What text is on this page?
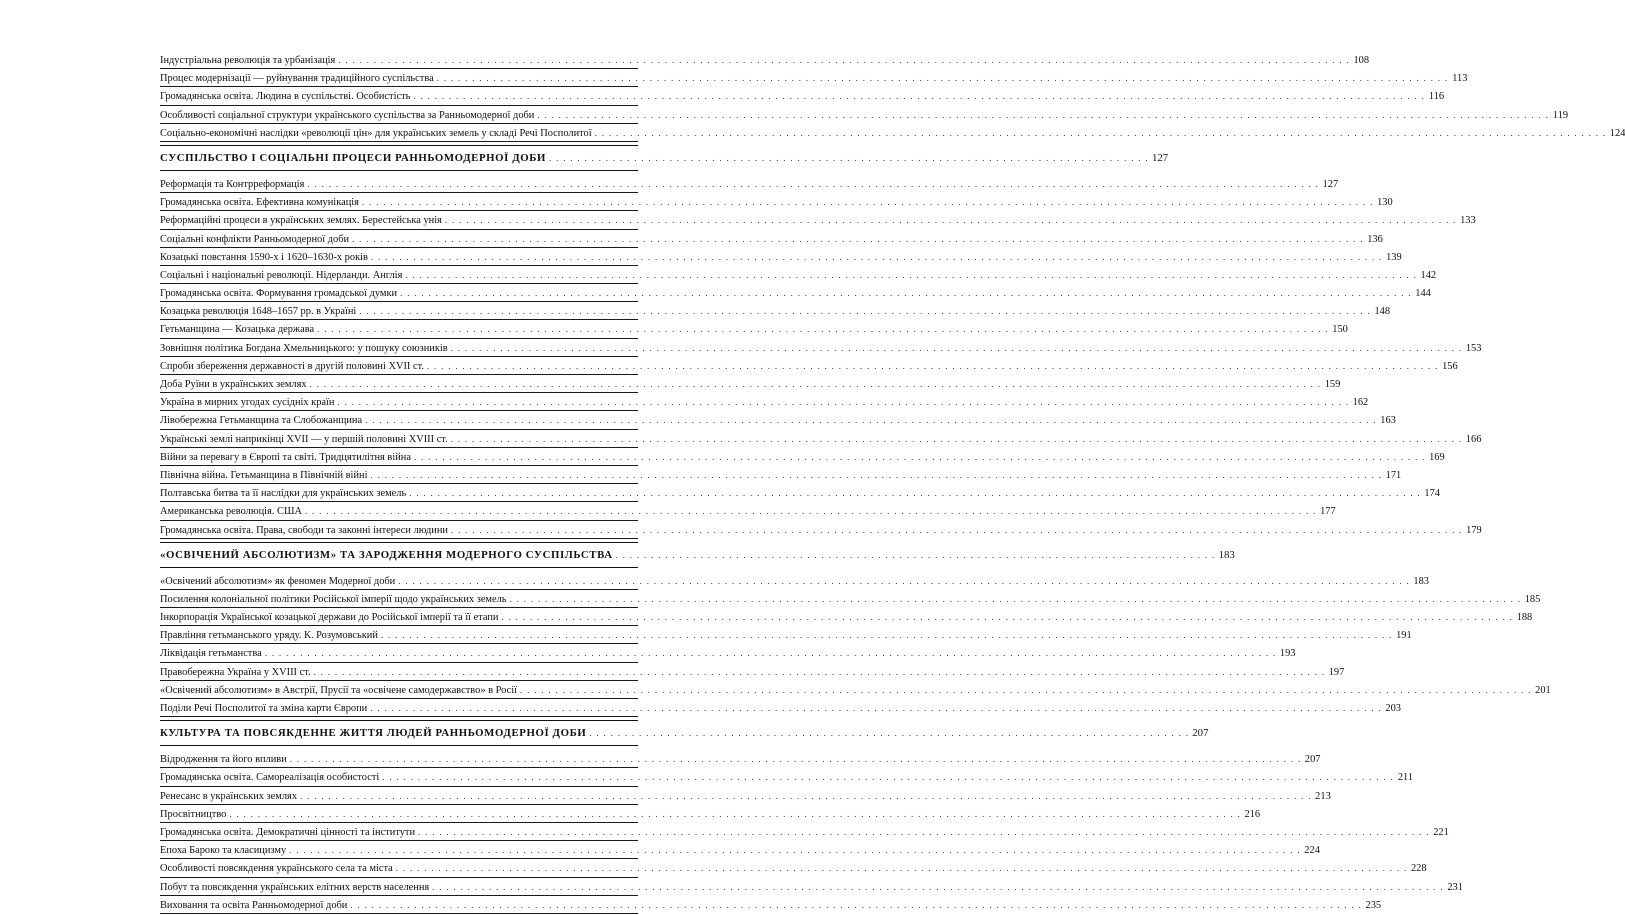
Індустріальна революція та урбанізація . . .	108
Процес модернізації — руйнування традиційного суспільства . . .	113
Громадянська освіта. Людина в суспільстві. Особистість . . .	116
Особливості соціальної структури українського суспільства за Ранньомодерної доби . . .	119
Соціально-економічні наслідки «революції цін» для українських земель у складі Речі Посполитої . . .	124
СУСПІЛЬСТВО І СОЦІАЛЬНІ ПРОЦЕСИ РАННЬОМОДЕРНОЇ ДОБИ . . .	127
Реформація та Контрреформація . . .	127
Громадянська освіта. Ефективна комунікація . . .	130
Реформаційні процеси в українських землях. Берестейська унія . . .	133
Соціальні конфлікти Ранньомодерної доби . . .	136
Козацькі повстання 1590-х і 1620–1630-х років . . .	139
Соціальні і національні революції. Нідерланди. Англія . . .	142
Громадянська освіта. Формування громадської думки . . .	144
Козацька революція 1648–1657 рр. в Україні . . .	148
Гетьманщина — Козацька держава . . .	150
Зовнішня політика Богдана Хмельницького: у пошуку союзників . . .	153
Спроби збереження державності в другій половині XVII ст. . . .	156
Доба Руїни в українських землях . . .	159
Україна в мирних угодах сусідніх країн . . .	162
Лівобережна Гетьманщина та Слобожанщина . . .	163
Українські землі наприкінці XVII — у першій половині XVIII ст. . . .	166
Війни за перевагу в Європі та світі. Тридцятилітня війна . . .	169
Північна війна. Гетьманщина в Північній війні . . .	171
Полтавська битва та її наслідки для українських земель . . .	174
Американська революція. США . . .	177
Громадянська освіта. Права, свободи та законні інтереси людини . . .	179
«ОСВІЧЕНИЙ АБСОЛЮТИЗМ» ТА ЗАРОДЖЕННЯ МОДЕРНОГО СУСПІЛЬСТВА . . .	183
«Освічений абсолютизм» як феномен Модерної доби . . .	183
Посилення колоніальної політики Російської імперії щодо українських земель . . .	185
Інкорпорація Української козацької держави до Російської імперії та її етапи . . .	188
Правління гетьманського уряду. К. Розумовський . . .	191
Ліквідація гетьманства . . .	193
Правобережна Україна у XVIII ст. . . .	197
«Освічений абсолютизм» в Австрії, Прусії та «освічене самодержавство» в Росії . . .	201
Поділи Речі Посполитої та зміна карти Європи . . .	203
КУЛЬТУРА ТА ПОВСЯКДЕННЕ ЖИТТЯ ЛЮДЕЙ РАННЬОМОДЕРНОЇ ДОБИ . . .	207
Відродження та його впливи . . .	207
Громадянська освіта. Самореалізація особистості . . .	211
Ренесанс в українських землях . . .	213
Просвітництво . . .	216
Громадянська освіта. Демократичні цінності та інститути . . .	221
Епоха Бароко та класицизму . . .	224
Особливості повсякдення українського села та міста . . .	228
Побут та повсякдення українських елітних верств населення . . .	231
Виховання та освіта Ранньомодерної доби . . .	235
